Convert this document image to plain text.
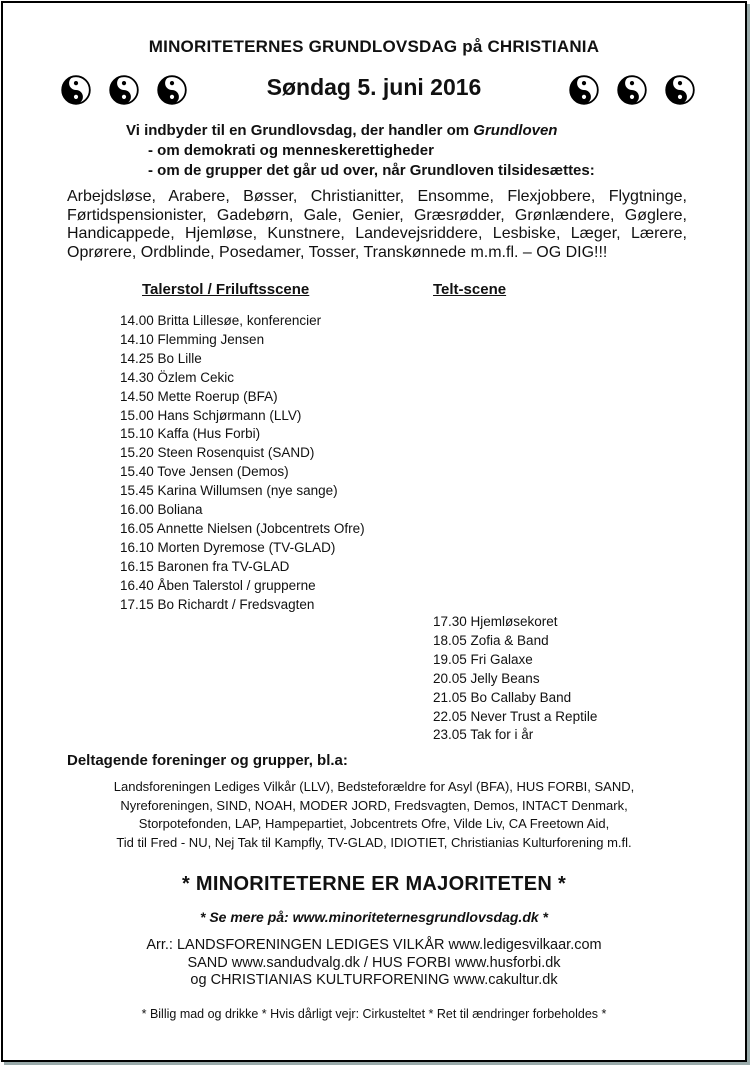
MINORITETERNES GRUNDLOVSDAG på CHRISTIANIA
Søndag 5. juni 2016
Vi indbyder til en Grundlovsdag, der handler om Grundloven
- om demokrati og menneskerettigheder
- om de grupper det går ud over, når Grundloven tilsidesættes:
Arbejdsløse, Arabere, Bøsser, Christianitter, Ensomme, Flexjobbere, Flygtninge, Førtidspensionister, Gadebørn, Gale, Genier, Græsrødder, Grønlændere, Gøglere, Handicappede, Hjemløse, Kunstnere, Landevejsriddere, Lesbiske, Læger, Lærere, Oprørere, Ordblinde, Posedamer, Tosser, Transkønnede m.m.fl. – OG DIG!!!
Talerstol / Friluftsscene	Telt-scene
14.00 Britta Lillesøe, konferencier
14.10 Flemming Jensen
14.25 Bo Lille
14.30 Özlem Cekic
14.50 Mette Roerup (BFA)
15.00 Hans Schjørmann (LLV)
15.10 Kaffa (Hus Forbi)
15.20 Steen Rosenquist (SAND)
15.40 Tove Jensen (Demos)
15.45 Karina Willumsen (nye sange)
16.00 Boliana
16.05 Annette Nielsen (Jobcentrets Ofre)
16.10 Morten Dyremose (TV-GLAD)
16.15 Baronen fra TV-GLAD
16.40 Åben Talerstol / grupperne
17.15 Bo Richardt / Fredsvagten
17.30 Hjemløsekoret
18.05 Zofia & Band
19.05 Fri Galaxe
20.05 Jelly Beans
21.05 Bo Callaby Band
22.05 Never Trust a Reptile
23.05 Tak for i år
Deltagende foreninger og grupper, bl.a:
Landsforeningen Lediges Vilkår (LLV), Bedsteforældre for Asyl (BFA), HUS FORBI, SAND,
Nyreforeningen, SIND, NOAH, MODER JORD, Fredsvagten, Demos, INTACT Denmark,
Storpotefonden, LAP, Hampepartiet, Jobcentrets Ofre, Vilde Liv, CA Freetown Aid,
Tid til Fred - NU, Nej Tak til Kampfly, TV-GLAD, IDIOTIET, Christianias Kulturforening m.fl.
* MINORITETERNE ER MAJORITETEN *
* Se mere på: www.minoriteternesgrundlovsdag.dk *
Arr.: LANDSFORENINGEN LEDIGES VILKÅR www.ledigesvilkaar.com
SAND www.sandudvalg.dk / HUS FORBI www.husforbi.dk
og CHRISTIANIAS KULTURFORENING www.cakultur.dk
* Billig mad og drikke * Hvis dårligt vejr: Cirkusteltet * Ret til ændringer forbeholdes *
